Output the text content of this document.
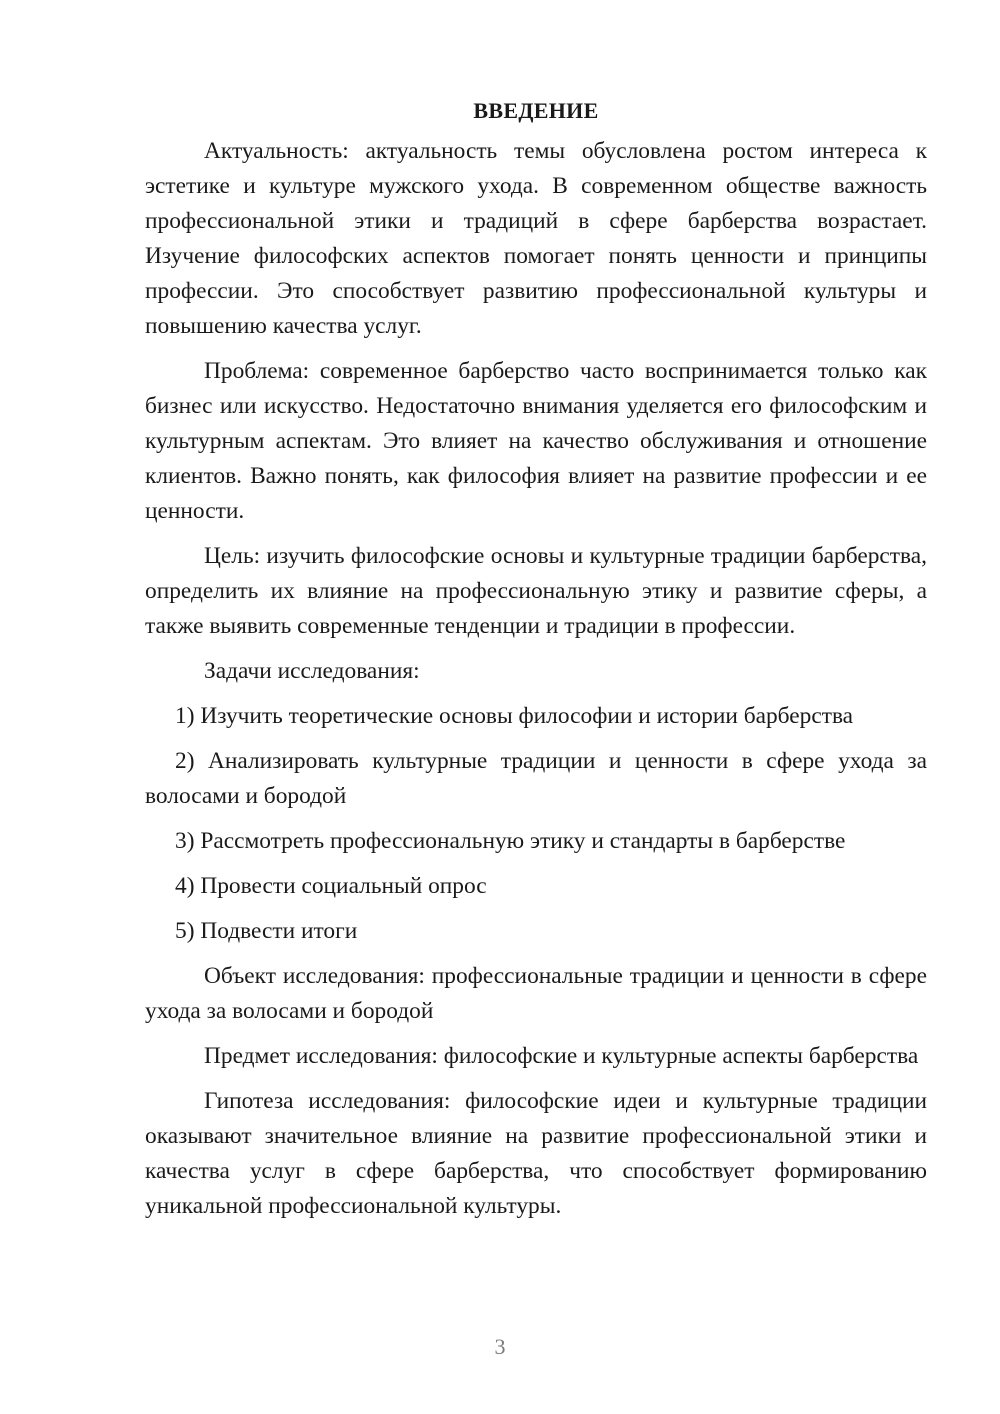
ВВЕДЕНИЕ

Актуальность: актуальность темы обусловлена ростом интереса к эстетике и культуре мужского ухода. В современном обществе важность профессиональной этики и традиций в сфере барберства возрастает. Изучение философских аспектов помогает понять ценности и принципы профессии. Это способствует развитию профессиональной культуры и повышению качества услуг.

Проблема: современное барберство часто воспринимается только как бизнес или искусство. Недостаточно внимания уделяется его философским и культурным аспектам. Это влияет на качество обслуживания и отношение клиентов. Важно понять, как философия влияет на развитие профессии и ее ценности.

Цель: изучить философские основы и культурные традиции барберства, определить их влияние на профессиональную этику и развитие сферы, а также выявить современные тенденции и традиции в профессии.

Задачи исследования:

1) Изучить теоретические основы философии и истории барберства

2) Анализировать культурные традиции и ценности в сфере ухода за волосами и бородой

3) Рассмотреть профессиональную этику и стандарты в барберстве

4) Провести социальный опрос

5) Подвести итоги

Объект исследования: профессиональные традиции и ценности в сфере ухода за волосами и бородой

Предмет исследования: философские и культурные аспекты барберства

Гипотеза исследования: философские идеи и культурные традиции оказывают значительное влияние на развитие профессиональной этики и качества услуг в сфере барберства, что способствует формированию уникальной профессиональной культуры.

3
